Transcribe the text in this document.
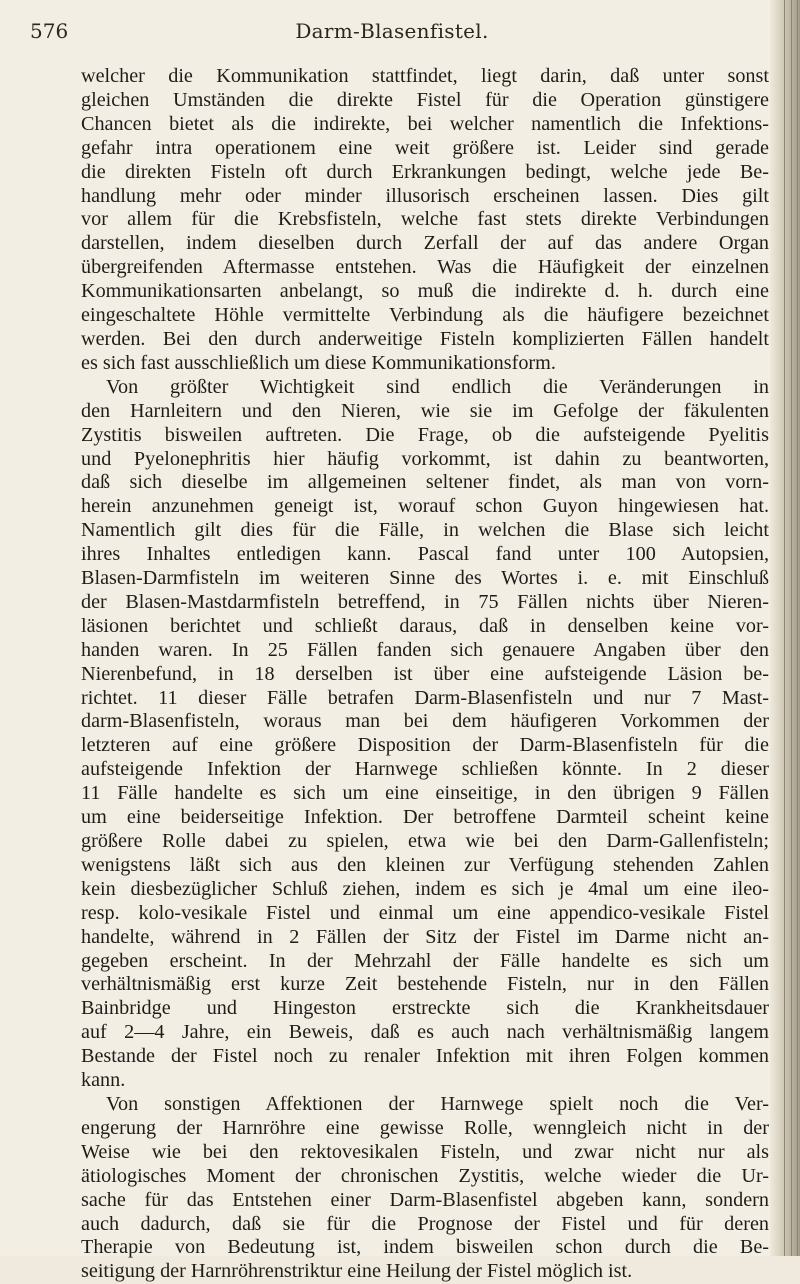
576	Darm-Blasenfistel.

welcher die Kommunikation stattfindet, liegt darin, daß unter sonst

gleichen Umständen die direkte Fistel für die Operation günstigere

Chancen bietet als die indirekte, bei welcher namentlich die Infektions-

gefahr intra operationem eine weit größere ist. Leider sind gerade

die direkten Fisteln oft durch Erkrankungen bedingt, welche jede Be-

handlung mehr oder minder illusorisch erscheinen lassen. Dies gilt

vor allem für die Krebsfisteln, welche fast stets direkte Verbindungen

darstellen, indem dieselben durch Zerfall der auf das andere Organ

übergreifenden Aftermasse entstehen. Was die Häufigkeit der einzelnen

Kommunikationsarten anbelangt, so muß die indirekte d. h. durch eine

eingeschaltete Höhle vermittelte Verbindung als die häufigere bezeichnet

werden. Bei den durch anderweitige Fisteln komplizierten Fällen handelt

es sich fast ausschließlich um diese Kommunikationsform.

Von größter Wichtigkeit sind endlich die Veränderungen in

den Harnleitern und den Nieren, wie sie im Gefolge der fäkulenten

Zystitis bisweilen auftreten. Die Frage, ob die aufsteigende Pyelitis

und Pyelonephritis hier häufig vorkommt, ist dahin zu beantworten,

daß sich dieselbe im allgemeinen seltener findet, als man von vorn-

herein anzunehmen geneigt ist, worauf schon Guyon hingewiesen hat.

Namentlich gilt dies für die Fälle, in welchen die Blase sich leicht

ihres Inhaltes entledigen kann. Pascal fand unter 100 Autopsien,

Blasen-Darmfisteln im weiteren Sinne des Wortes i. e. mit Einschluß

der Blasen-Mastdarmfisteln betreffend, in 75 Fällen nichts über Nieren-

läsionen berichtet und schließt daraus, daß in denselben keine vor-

handen waren. In 25 Fällen fanden sich genauere Angaben über den

Nierenbefund, in 18 derselben ist über eine aufsteigende Läsion be-

richtet. 11 dieser Fälle betrafen Darm-Blasenfisteln und nur 7 Mast-

darm-Blasenfisteln, woraus man bei dem häufigeren Vorkommen der

letzteren auf eine größere Disposition der Darm-Blasenfisteln für die

aufsteigende Infektion der Harnwege schließen könnte. In 2 dieser

11 Fälle handelte es sich um eine einseitige, in den übrigen 9 Fällen

um eine beiderseitige Infektion. Der betroffene Darmteil scheint keine

größere Rolle dabei zu spielen, etwa wie bei den Darm-Gallenfisteln;

wenigstens läßt sich aus den kleinen zur Verfügung stehenden Zahlen

kein diesbezüglicher Schluß ziehen, indem es sich je 4mal um eine ileo-

resp. kolo-vesikale Fistel und einmal um eine appendico-vesikale Fistel

handelte, während in 2 Fällen der Sitz der Fistel im Darme nicht an-

gegeben erscheint. In der Mehrzahl der Fälle handelte es sich um

verhältnismäßig erst kurze Zeit bestehende Fisteln, nur in den Fällen

Bainbridge und Hingeston erstreckte sich die Krankheitsdauer

auf 2—4 Jahre, ein Beweis, daß es auch nach verhältnismäßig langem

Bestande der Fistel noch zu renaler Infektion mit ihren Folgen kommen

kann.

Von sonstigen Affektionen der Harnwege spielt noch die Ver-

engerung der Harnröhre eine gewisse Rolle, wenngleich nicht in der

Weise wie bei den rektovesikalen Fisteln, und zwar nicht nur als

ätiologisches Moment der chronischen Zystitis, welche wieder die Ur-

sache für das Entstehen einer Darm-Blasenfistel abgeben kann, sondern

auch dadurch, daß sie für die Prognose der Fistel und für deren

Therapie von Bedeutung ist, indem bisweilen schon durch die Be-

seitigung der Harnröhrenstriktur eine Heilung der Fistel möglich ist.
